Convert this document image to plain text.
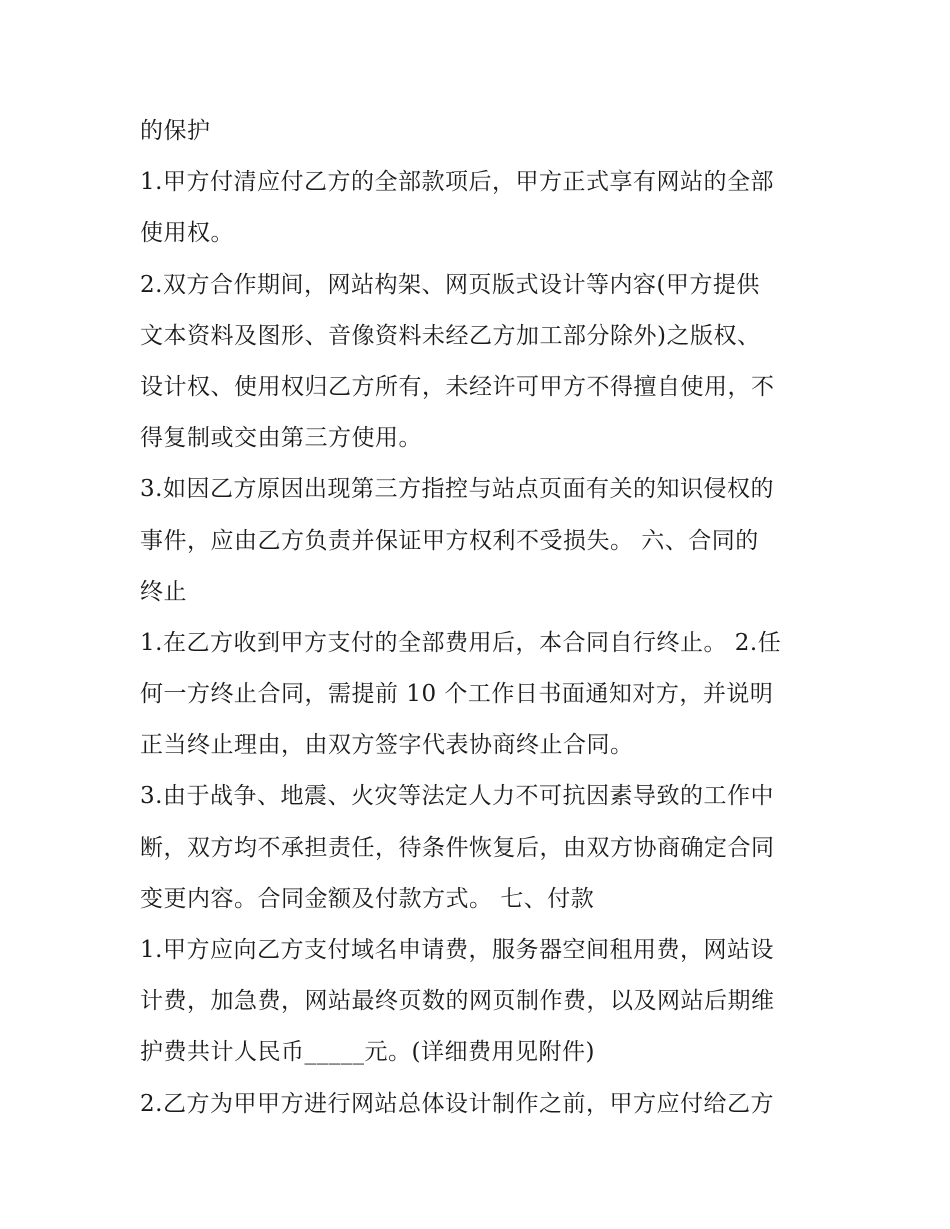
的保护
1.甲方付清应付乙方的全部款项后，甲方正式享有网站的全部
使用权。
2.双方合作期间，网站构架、网页版式设计等内容(甲方提供
文本资料及图形、音像资料未经乙方加工部分除外)之版权、
设计权、使用权归乙方所有，未经许可甲方不得擅自使用，不
得复制或交由第三方使用。
3.如因乙方原因出现第三方指控与站点页面有关的知识侵权的
事件，应由乙方负责并保证甲方权利不受损失。 六、合同的
终止
1.在乙方收到甲方支付的全部费用后，本合同自行终止。 2.任
何一方终止合同，需提前 10 个工作日书面通知对方，并说明
正当终止理由，由双方签字代表协商终止合同。
3.由于战争、地震、火灾等法定人力不可抗因素导致的工作中
断，双方均不承担责任，待条件恢复后，由双方协商确定合同
变更内容。合同金额及付款方式。 七、付款
1.甲方应向乙方支付域名申请费，服务器空间租用费，网站设
计费，加急费，网站最终页数的网页制作费，以及网站后期维
护费共计人民币_____元。(详细费用见附件)
2.乙方为甲甲方进行网站总体设计制作之前，甲方应付给乙方
